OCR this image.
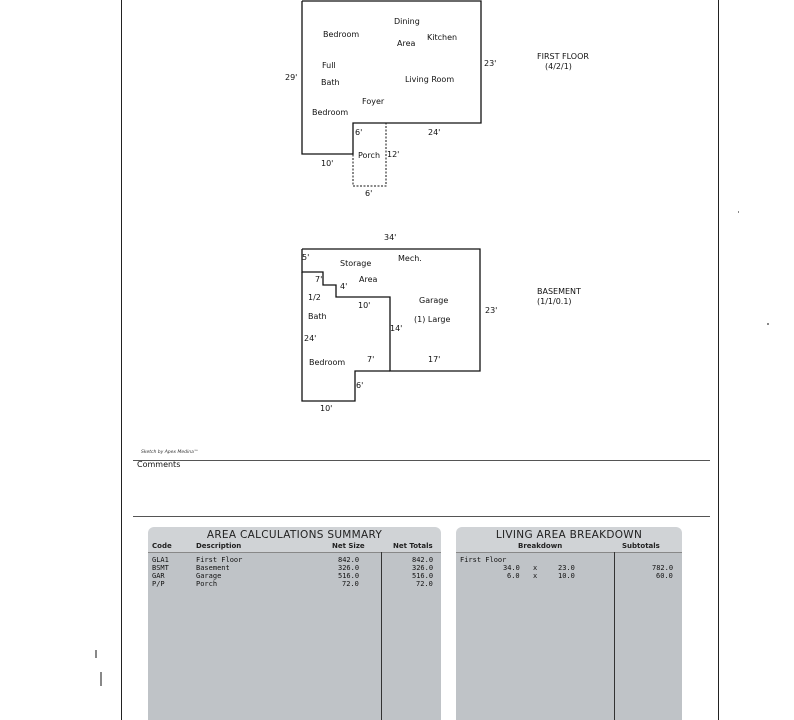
Bedroom
Dining
Area
Kitchen
Full
Bath	Living Room
Foyer
Bedroom
Porch
29'
23'
6'	24'
10'
12'
6'
FIRST FLOOR
(4/2/1)
34'
5'
Storage
Mech.
7'	Area
4'
1/2
10'
Garage
23'
Bath	(1) Large
14'
24'
7'	17'
Bedroom
6'
10'
BASEMENT
(1/1/0.1)
Sketch by Apex Medina™
Comments
AREA CALCULATIONS SUMMARY
Code	Description	Net Size	Net Totals
GLA1	First Floor	842.0	842.0
BSMT	Basement	326.0	326.0
GAR	Garage	516.0	516.0
P/P	Porch	72.0	72.0
LIVING AREA BREAKDOWN
Breakdown	Subtotals
First Floor
34.0 x	23.0	782.0
6.0 x	10.0	60.0
